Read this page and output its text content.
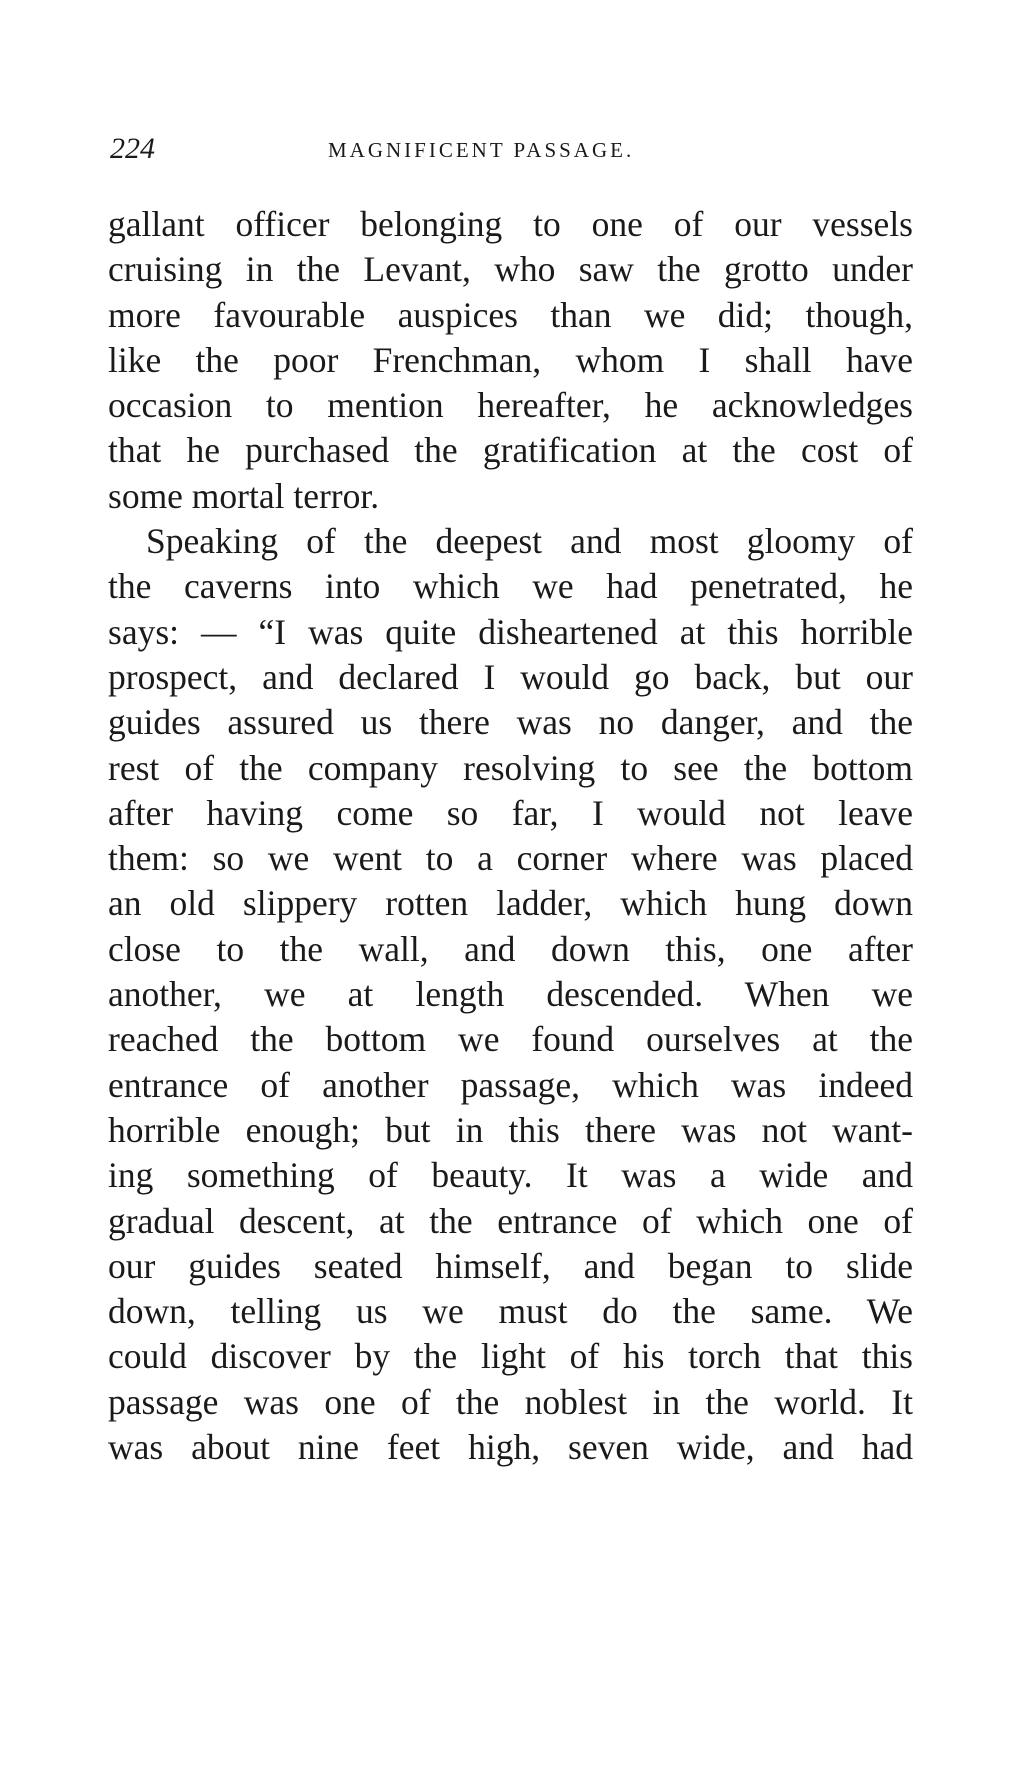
224	MAGNIFICENT PASSAGE.
gallant officer belonging to one of our vessels
cruising in the Levant, who saw the grotto under
more favourable auspices than we did; though,
like the poor Frenchman, whom I shall have
occasion to mention hereafter, he acknowledges
that he purchased the gratification at the cost of
some mortal terror.
Speaking of the deepest and most gloomy of
the caverns into which we had penetrated, he
says: — “I was quite disheartened at this horrible
prospect, and declared I would go back, but our
guides assured us there was no danger, and the
rest of the company resolving to see the bottom
after having come so far, I would not leave
them: so we went to a corner where was placed
an old slippery rotten ladder, which hung down
close to the wall, and down this, one after
another, we at length descended. When we
reached the bottom we found ourselves at the
entrance of another passage, which was indeed
horrible enough; but in this there was not want-
ing something of beauty. It was a wide and
gradual descent, at the entrance of which one of
our guides seated himself, and began to slide
down, telling us we must do the same. We
could discover by the light of his torch that this
passage was one of the noblest in the world. It
was about nine feet high, seven wide, and had
